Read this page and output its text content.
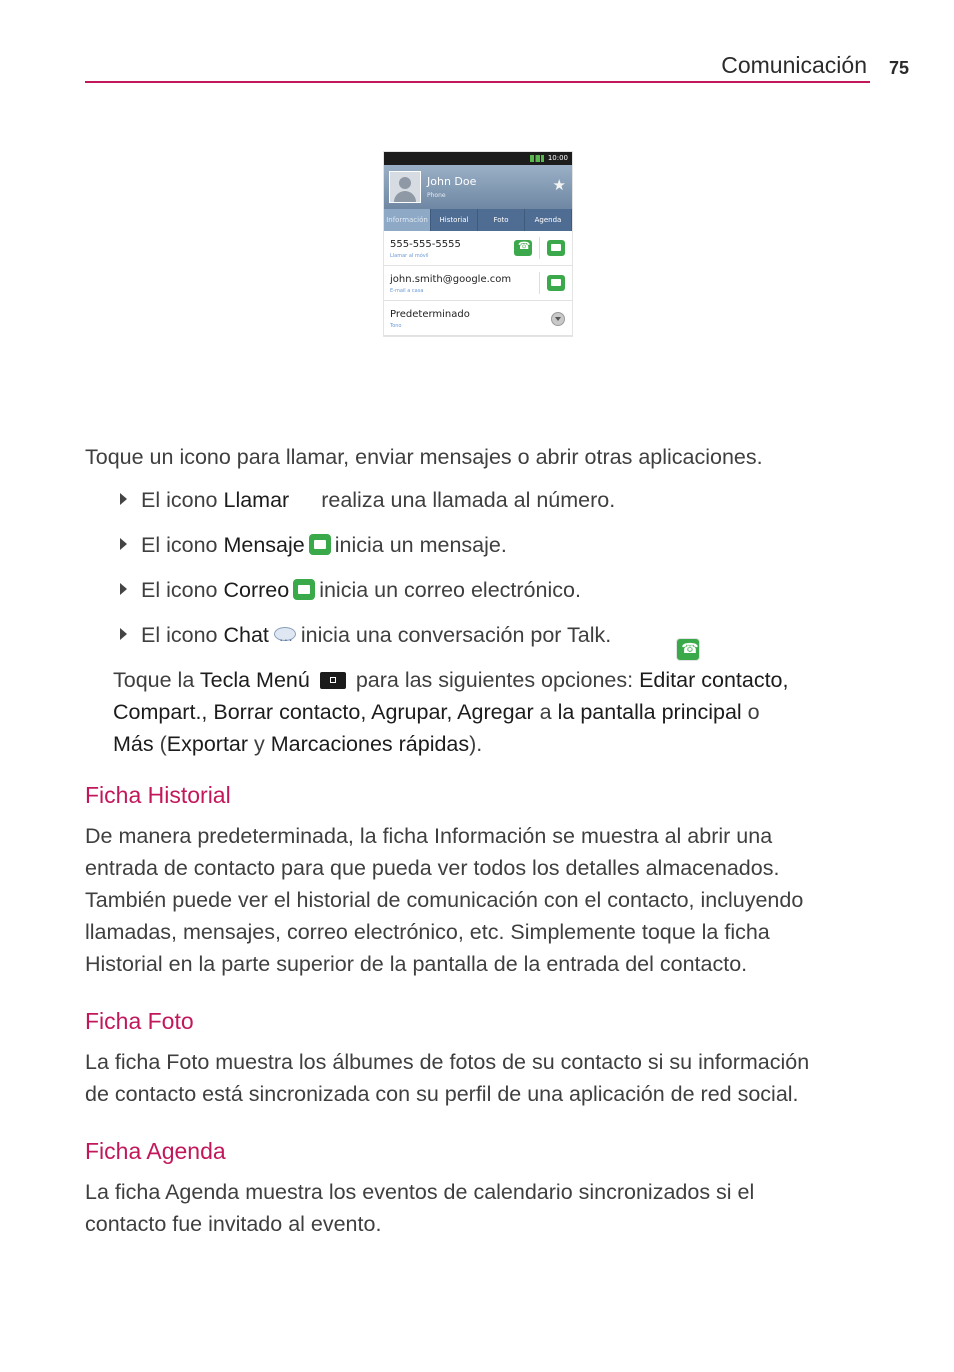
Comunicación 75
10:00
John Doe
Phone
★
Información	Historial	Foto	Agenda
555-555-5555
Llamar al móvil
☎
john.smith@google.com
E-mail a casa
Predeterminado
Tono
Toque un icono para llamar, enviar mensajes o abrir otras aplicaciones.
El icono Llamar☎ realiza una llamada al número.
El icono Mensaje inicia un mensaje.
El icono Correo inicia un correo electrónico.
El icono Chat··· inicia una conversación por Talk.
Toque la Tecla Menú para las siguientes opciones: Editar contacto,
Compart., Borrar contacto, Agrupar, Agregar a la pantalla principal o
Más (Exportar y Marcaciones rápidas).
Ficha Historial
De manera predeterminada, la ficha Información se muestra al abrir una
entrada de contacto para que pueda ver todos los detalles almacenados.
También puede ver el historial de comunicación con el contacto, incluyendo
llamadas, mensajes, correo electrónico, etc. Simplemente toque la ficha
Historial en la parte superior de la pantalla de la entrada del contacto.
Ficha Foto
La ficha Foto muestra los álbumes de fotos de su contacto si su información
de contacto está sincronizada con su perfil de una aplicación de red social.
Ficha Agenda
La ficha Agenda muestra los eventos de calendario sincronizados si el
contacto fue invitado al evento.
